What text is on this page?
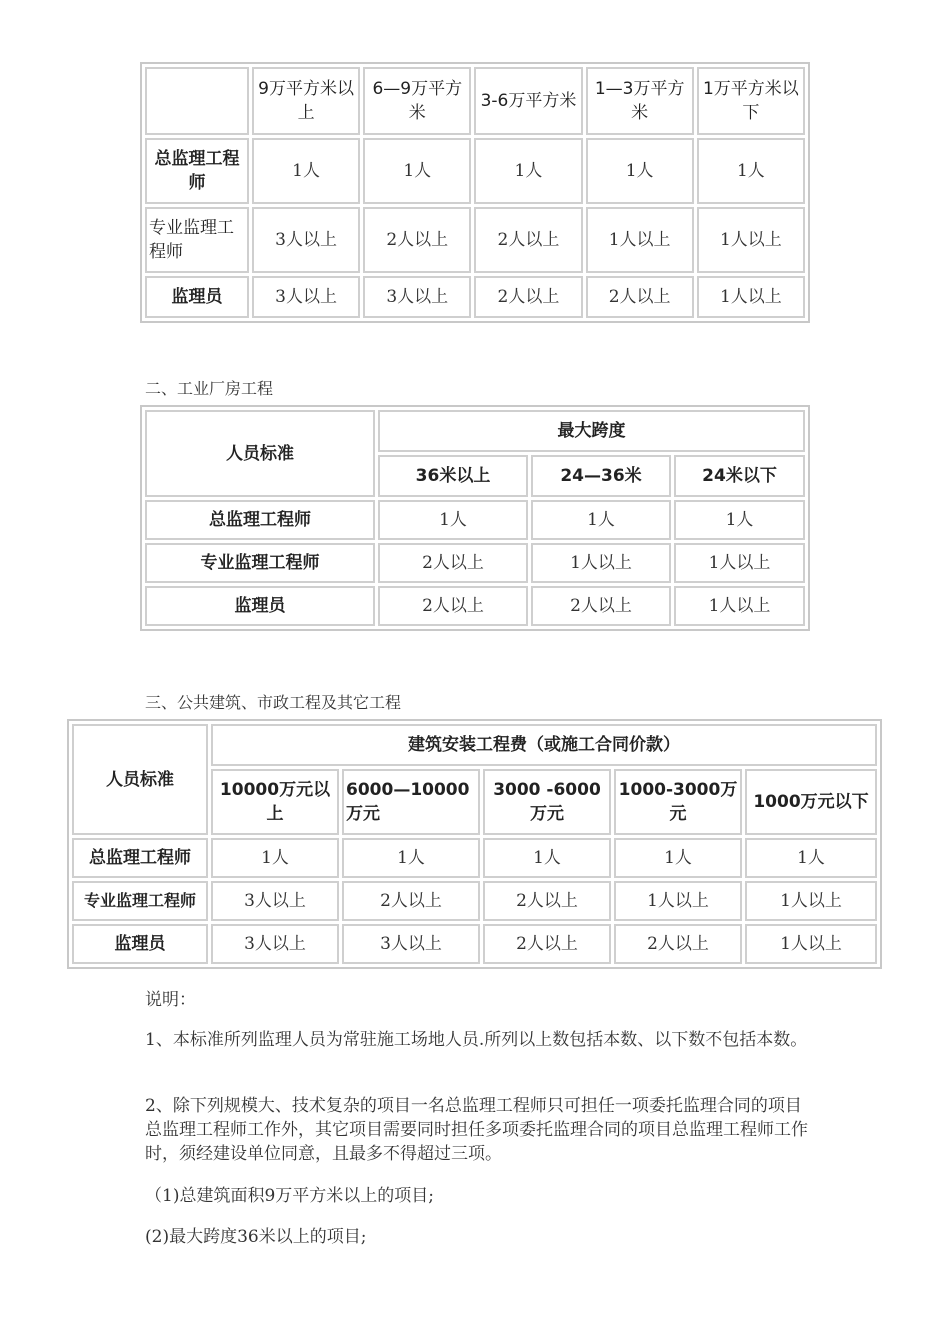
	9万平方米以上	6—9万平方米	3-6万平方米	1—3万平方米	1万平方米以下
总监理工程师	1人	1人	1人	1人	1人
专业监理工程师	3人以上	2人以上	2人以上	1人以上	1人以上
监理员	3人以上	3人以上	2人以上	2人以上	1人以上
二、工业厂房工程
人员标准	最大跨度		
	36米以上	24—36米	24米以下
总监理工程师	1人	1人	1人
专业监理工程师	2人以上	1人以上	1人以上
监理员	2人以上	2人以上	1人以上
三、公共建筑、市政工程及其它工程
人员标准	建筑安装工程费（或施工合同价款）				
	10000万元以上	6000—10000万元	3000 -6000万元	1000-3000万元	1000万元以下
总监理工程师	1人	1人	1人	1人	1人
专业监理工程师	3人以上	2人以上	2人以上	1人以上	1人以上
监理员	3人以上	3人以上	2人以上	2人以上	1人以上
说明：
1、本标准所列监理人员为常驻施工场地人员.所列以上数包括本数、以下数不包括本数。
2、除下列规模大、技术复杂的项目一名总监理工程师只可担任一项委托监理合同的项目总监理工程师工作外，其它项目需要同时担任多项委托监理合同的项目总监理工程师工作时，须经建设单位同意，且最多不得超过三项。
（1)总建筑面积9万平方米以上的项目;
(2)最大跨度36米以上的项目;
